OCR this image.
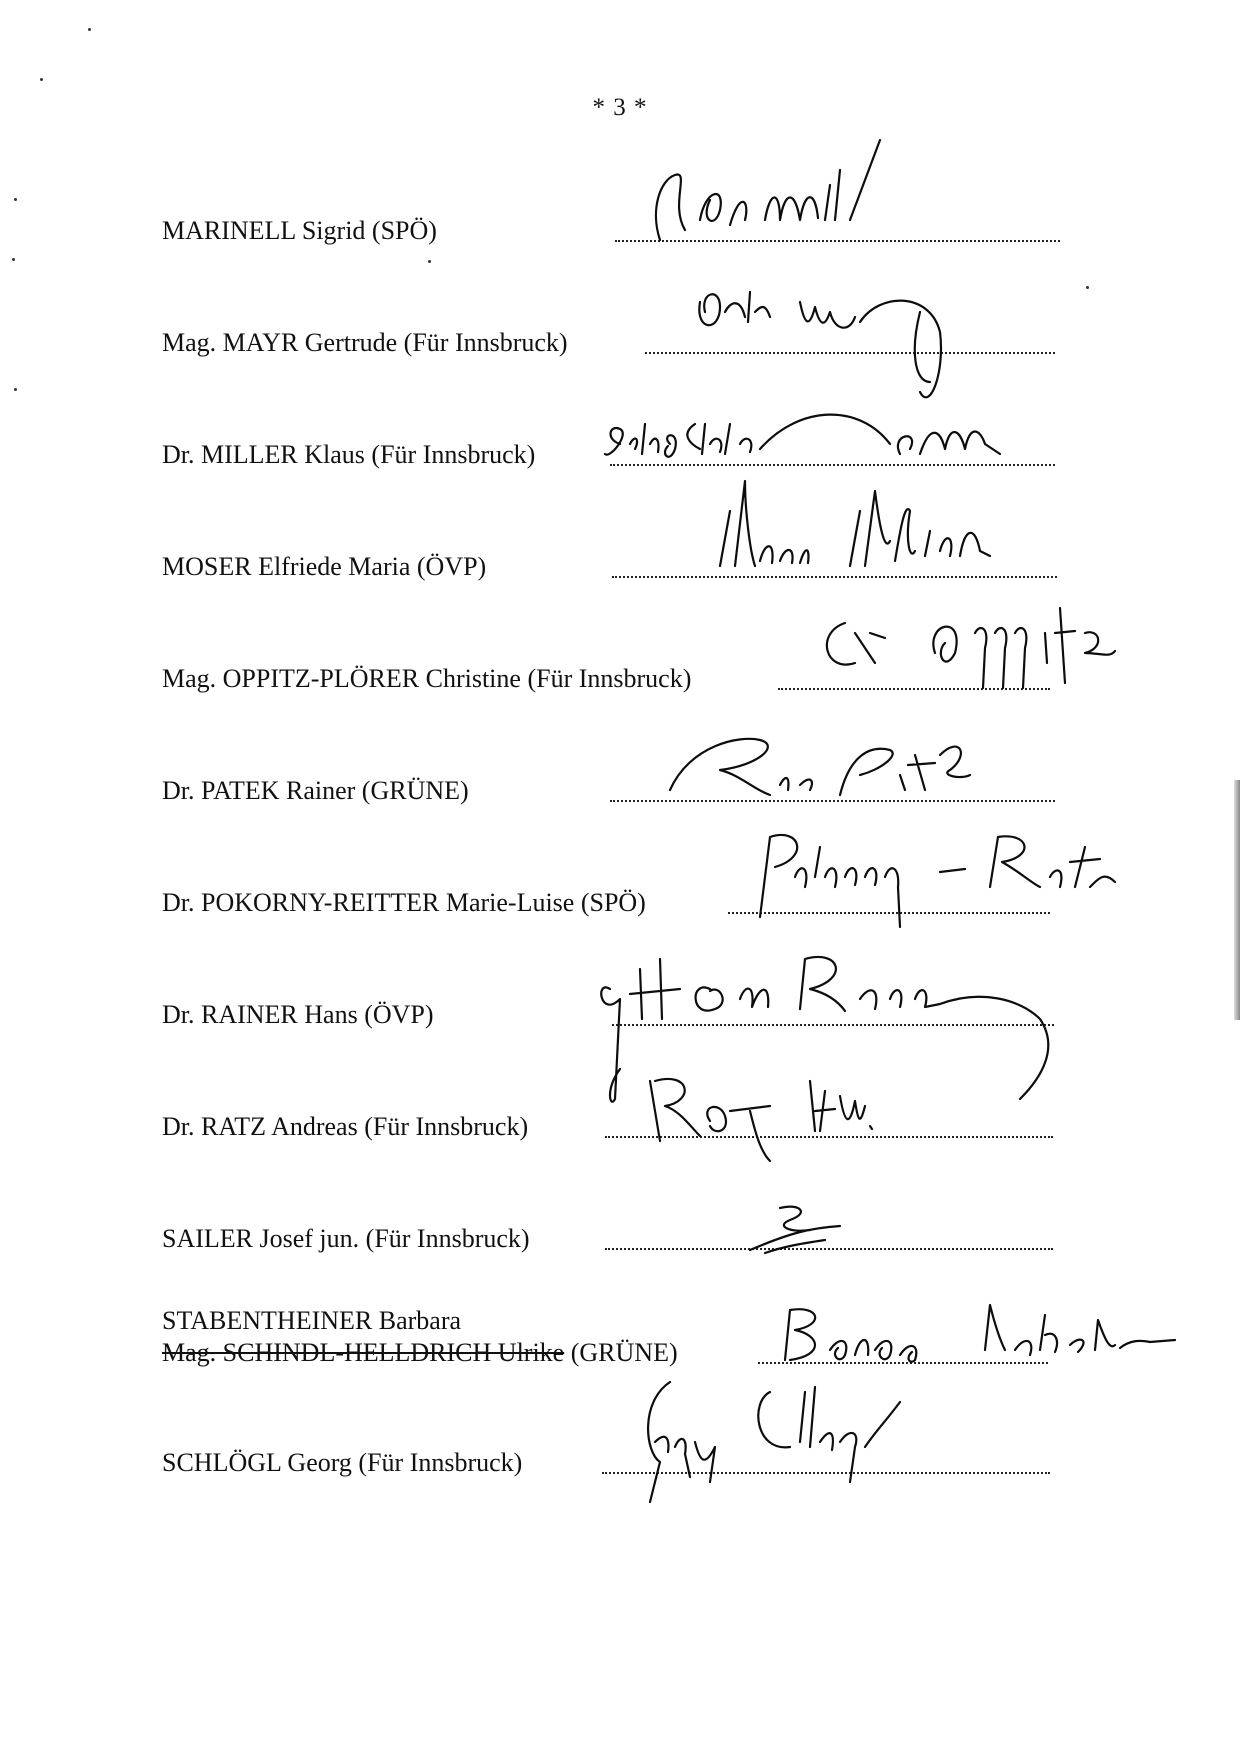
* 3 *
MARINELL Sigrid (SPÖ)
Mag. MAYR Gertrude (Für Innsbruck)
Dr. MILLER Klaus (Für Innsbruck)
MOSER Elfriede Maria (ÖVP)
Mag. OPPITZ-PLÖRER Christine (Für Innsbruck)
Dr. PATEK Rainer (GRÜNE)
Dr. POKORNY-REITTER Marie-Luise (SPÖ)
Dr. RAINER Hans (ÖVP)
Dr. RATZ Andreas (Für Innsbruck)
SAILER Josef jun. (Für Innsbruck)
STABENTHEINER Barbara
Mag. SCHINDL-HELLDRICH Ulrike (GRÜNE)
SCHLÖGL Georg (Für Innsbruck)
